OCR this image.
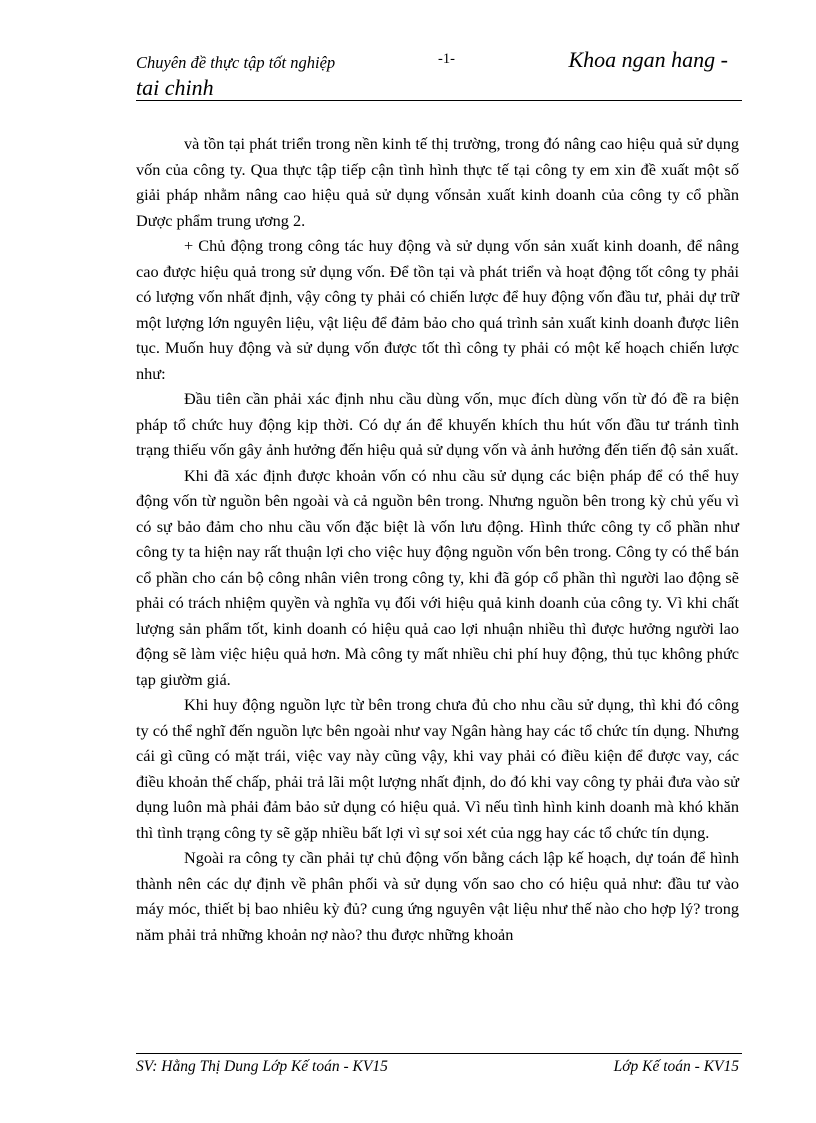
Chuyên đề thực tập tốt nghiệp	-1-	Khoa ngan hang -
tai chinh

và tồn tại phát triển trong nền kinh tế thị trường, trong đó nâng cao hiệu quả sử dụng vốn của công ty. Qua thực tập tiếp cận tình hình thực tế tại công ty em xin đề xuất một số giải pháp nhằm nâng cao hiệu quả sử dụng vốnsản xuất kinh doanh của công ty cổ phần Dược phẩm trung ương 2.

+ Chủ động trong công tác huy động và sử dụng vốn sản xuất kinh doanh, để nâng cao được hiệu quả trong sử dụng vốn. Để tồn tại và phát triển và hoạt động tốt công ty phải có lượng vốn nhất định, vậy công ty phải có chiến lược để huy động vốn đầu tư, phải dự trữ một lượng lớn nguyên liệu, vật liệu để đảm bảo cho quá trình sản xuất kinh doanh được liên tục. Muốn huy động và sử dụng vốn được tốt thì công ty phải có một kế hoạch chiến lược như:

Đầu tiên cần phải xác định nhu cầu dùng vốn, mục đích dùng vốn từ đó đề ra biện pháp tổ chức huy động kịp thời. Có dự án để khuyến khích thu hút vốn đầu tư tránh tình trạng thiếu vốn gây ảnh hưởng đến hiệu quả sử dụng vốn và ảnh hưởng đến tiến độ sản xuất.

Khi đã xác định được khoản vốn có nhu cầu sử dụng các biện pháp để có thể huy động vốn từ nguồn bên ngoài và cả nguồn bên trong. Nhưng nguồn bên trong kỳ chủ yếu vì có sự bảo đảm cho nhu cầu vốn đặc biệt là vốn lưu động. Hình thức công ty cổ phần như công ty ta hiện nay rất thuận lợi cho việc huy động nguồn vốn bên trong. Công ty có thể bán cổ phần cho cán bộ công nhân viên trong công ty, khi đã góp cổ phần thì người lao động sẽ phải có trách nhiệm quyền và nghĩa vụ đối với hiệu quả kinh doanh của công ty. Vì khi chất lượng sản phẩm tốt, kinh doanh có hiệu quả cao lợi nhuận nhiều thì được hưởng người lao động sẽ làm việc hiệu quả hơn. Mà công ty mất nhiều chi phí huy động, thủ tục không phức tạp giườm giá.

Khi huy động nguồn lực từ bên trong chưa đủ cho nhu cầu sử dụng, thì khi đó công ty có thể nghĩ đến nguồn lực bên ngoài như vay Ngân hàng hay các tổ chức tín dụng. Nhưng cái gì cũng có mặt trái, việc vay này cũng vậy, khi vay phải có điều kiện để được vay, các điều khoản thế chấp, phải trả lãi một lượng nhất định, do đó khi vay công ty phải đưa vào sử dụng luôn mà phải đảm bảo sử dụng có hiệu quả. Vì nếu tình hình kinh doanh mà khó khăn thì tình trạng công ty sẽ gặp nhiều bất lợi vì sự soi xét của ngg hay các tổ chức tín dụng.

Ngoài ra công ty cần phải tự chủ động vốn bằng cách lập kế hoạch, dự toán để hình thành nên các dự định về phân phối và sử dụng vốn sao cho có hiệu quả như: đầu tư vào máy móc, thiết bị bao nhiêu kỳ đủ? cung ứng nguyên vật liệu như thế nào cho hợp lý? trong năm phải trả những khoản nợ nào? thu được những khoản

SV: Hằng Thị Dung Lớp Kế toán - KV15	Lớp Kế toán - KV15
